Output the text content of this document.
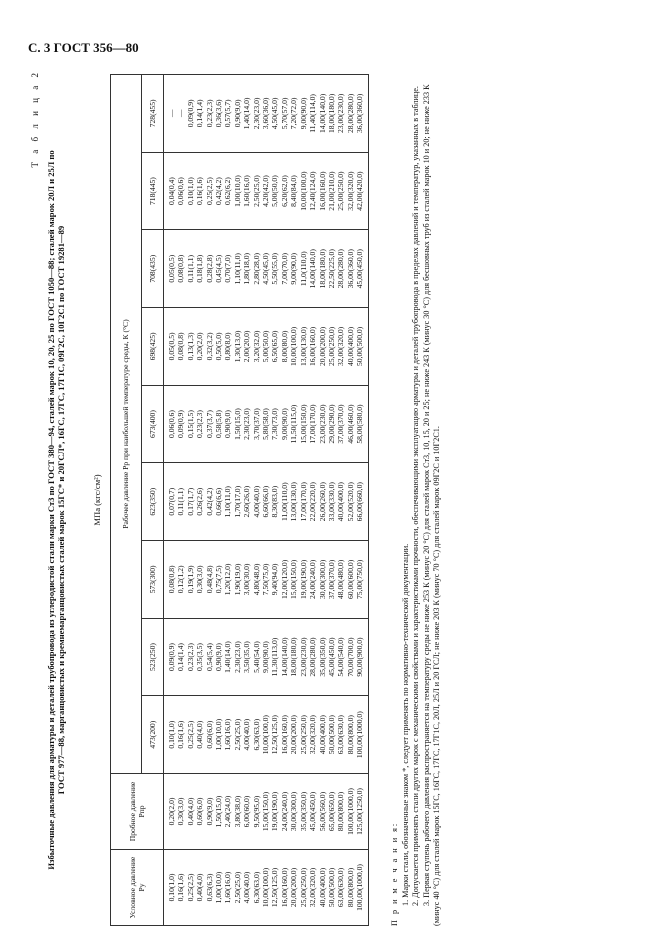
С. 3 ГОСТ 356—80
Т а б л и ц а 2
Избыточные давления для арматуры и деталей трубопровода из углеродистой стали марки Ст3 по ГОСТ 380—94, сталей марок 10, 20, 25 по ГОСТ 1050—88; сталей марок 20Л и 25Л по ГОСТ 977—88, марганцовистых и кремнемарганцовистых сталей марок 15ГС* и 20ГСЛ*, 16ГС, 17ГС, 17Г1С, 09Г2С, 10Г2С1 по ГОСТ 19281—89	МПа (кгс/см²)
Условное давление Pу	Пробное давление Pпр	Рабочее давление Pр при наибольшей температуре среды, К (°С)								
		473(200)	523(250)	573(300)	623(350)	673(400)	698(425)	708(435)	718(445)	728(455)
0,10(1,0)	0,20(2,0)	0,10(1,0)	0,09(0,9)	0,08(0,8)	0,07(0,7)	0,06(0,6)	0,05(0,5)	0,05(0,5)	0,04(0,4)	—
0,16(1,6)	0,30(3,0)	0,16(1,6)	0,14(1,4)	0,12(1,2)	0,11(1,1)	0,09(0,9)	0,08(0,8)	0,08(0,8)	0,06(0,6)	—
0,25(2,5)	0,40(4,0)	0,25(2,5)	0,23(2,3)	0,19(1,9)	0,17(1,7)	0,15(1,5)	0,13(1,3)	0,11(1,1)	0,10(1,0)	0,09(0,9)
0,40(4,0)	0,60(6,0)	0,40(4,0)	0,35(3,5)	0,30(3,0)	0,26(2,6)	0,23(2,3)	0,20(2,0)	0,18(1,8)	0,16(1,6)	0,14(1,4)
0,63(6,3)	0,90(9,0)	0,60(6,0)	0,54(5,4)	0,48(4,8)	0,42(4,2)	0,37(3,7)	0,32(3,2)	0,28(2,8)	0,25(2,5)	0,23(2,3)
1,00(10,0)	1,50(15,0)	1,00(10,0)	0,90(9,0)	0,75(7,5)	0,66(6,6)	0,58(5,8)	0,50(5,0)	0,45(4,5)	0,42(4,2)	0,36(3,6)
1,60(16,0)	2,40(24,0)	1,60(16,0)	1,40(14,0)	1,20(12,0)	1,10(11,0)	0,90(9,0)	0,80(8,0)	0,70(7,0)	0,62(6,2)	0,57(5,7)
2,50(25,0)	3,80(38,0)	2,50(25,0)	2,30(23,0)	1,90(19,0)	1,70(17,0)	1,50(15,0)	1,30(13,0)	1,10(11,0)	1,00(10,0)	0,90(9,0)
4,00(40,0)	6,00(60,0)	4,00(40,0)	3,50(35,0)	3,00(30,0)	2,60(26,0)	2,30(23,0)	2,00(20,0)	1,80(18,0)	1,60(16,0)	1,40(14,0)
6,30(63,0)	9,50(95,0)	6,30(63,0)	5,40(54,0)	4,80(48,0)	4,00(40,0)	3,70(37,0)	3,20(32,0)	2,80(28,0)	2,50(25,0)	2,30(23,0)
10,00(100,0)	15,00(150,0)	10,00(100,0)	9,00(90,0)	7,50(75,0)	6,60(66,0)	5,80(58,0)	5,00(50,0)	4,50(45,0)	4,20(42,0)	3,60(36,0)
12,50(125,0)	19,00(190,0)	12,50(125,0)	11,30(113,0)	9,40(94,0)	8,30(83,0)	7,30(73,0)	6,50(65,0)	5,50(55,0)	5,00(50,0)	4,50(45,0)
16,00(160,0)	24,00(240,0)	16,00(160,0)	14,00(140,0)	12,00(120,0)	11,00(110,0)	9,00(90,0)	8,00(80,0)	7,00(70,0)	6,20(62,0)	5,70(57,0)
20,00(200,0)	30,00(300,0)	20,00(200,0)	18,00(180,0)	15,00(150,0)	13,00(130,0)	11,50(115,0)	10,00(100,0)	9,00(90,0)	8,40(84,0)	7,20(72,0)
25,00(250,0)	35,00(350,0)	25,00(250,0)	23,00(230,0)	19,00(190,0)	17,00(170,0)	15,00(150,0)	13,00(130,0)	11,0(110,0)	10,00(100,0)	9,00(90,0)
32,00(320,0)	45,00(450,0)	32,00(320,0)	28,00(280,0)	24,00(240,0)	22,00(220,0)	17,00(170,0)	16,00(160,0)	14,00(140,0)	12,40(124,0)	11,40(114,0)
40,00(400,0)	56,00(560,0)	40,00(400,0)	35,00(350,0)	30,00(300,0)	26,00(260,0)	23,00(230,0)	20,00(200,0)	18,00(180,0)	16,00(160,0)	14,00(140,0)
50,00(500,0)	65,00(650,0)	50,00(500,0)	45,00(450,0)	37,00(370,0)	33,00(330,0)	29,00(290,0)	25,00(250,0)	22,50(225,0)	21,00(210,0)	18,00(180,0)
63,00(630,0)	80,00(800,0)	63,00(630,0)	54,00(540,0)	48,00(480,0)	40,00(400,0)	37,00(370,0)	32,00(320,0)	28,00(280,0)	25,00(250,0)	23,00(230,0)
80,00(800,0)	100,00(1000,0)	80,00(800,0)	70,00(700,0)	60,00(600,0)	52,00(520,0)	46,00(460,0)	40,00(400,0)	36,00(360,0)	32,00(320,0)	28,00(280,0)
100,00(1000,0)	125,00(1250,0)	100,00(1000,0)	90,00(900,0)	75,00(750,0)	66,00(660,0)	58,00(580,0)	50,00(500,0)	45,00(450,0)	42,00(420,0)	36,00(360,0)

П р и м е ч а н и я: 1. Марки стали, обозначенные знаком *, следует применять по нормативно-технической документации. 2. Допускается применять стали других марок с механическими свойствами и характеристиками прочности, обеспечивающими эксплуатацию арматуры и деталей трубопровода в пределах давлений и температур, указанных в таблице. 3. Первая ступень рабочего давления распространяется на температуру среды не ниже 253 К (минус 20 °С) для сталей марок Ст3, 10, 15, 20 и 25; не ниже 243 К (минус 30 °С) для бесшовных труб из сталей марок 10 и 20; не ниже 233 К (минус 40 °С) для сталей марок 15ГС, 16ГС, 17ГС, 17Г1С, 20Л, 25Л и 20 ГСЛ; не ниже 203 К (минус 70 °С) для сталей марок 09Г2С и 10Г2С1.
